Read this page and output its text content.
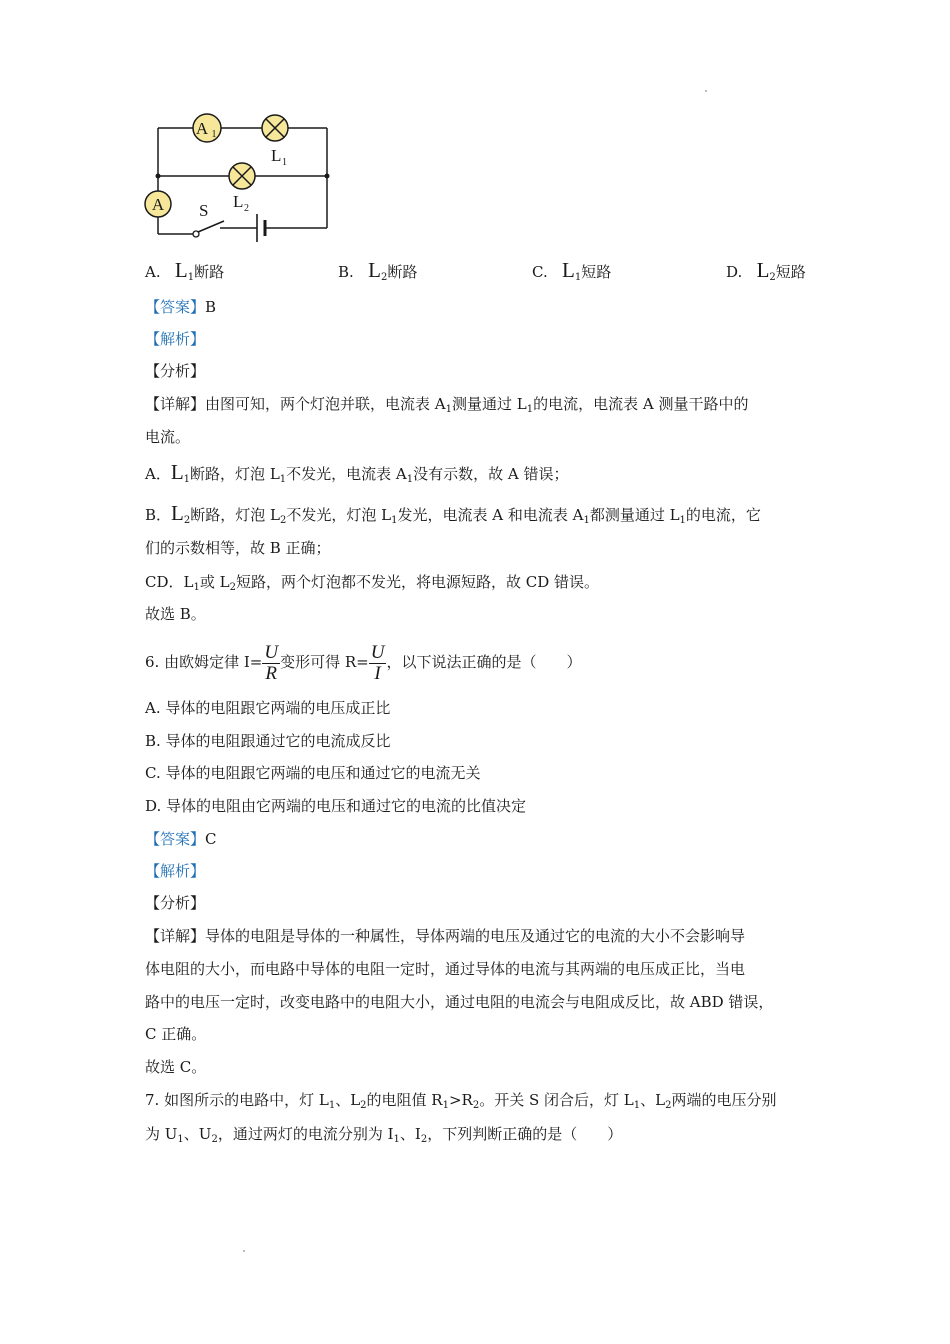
A 1
A
L 1
L 2
S
A. $L_1$断路	B. $L_2$断路	C. $L_1$短路	D. $L_2$短路
【答案】B
【解析】
【分析】
【详解】由图可知，两个灯泡并联，电流表 $A_1$测量通过 $L_1$的电流，电流表 A 测量干路中的
电流。
A．$L_1$断路，灯泡 $L_1$不发光，电流表 $A_1$没有示数，故 A 错误；
B．$L_2$断路，灯泡 $L_2$不发光，灯泡 $L_1$发光，电流表 A 和电流表 $A_1$都测量通过 $L_1$的电流，它
们的示数相等，故 B 正确；
CD．$L_1$或 $L_2$短路，两个灯泡都不发光，将电源短路，故 CD 错误。
故选 B。
6. 由欧姆定律 $I= \frac{U}{R}$ 变形可得 $R= \frac{U}{I}$ ，以下说法正确的是（　　）
A. 导体的电阻跟它两端的电压成正比
B. 导体的电阻跟通过它的电流成反比
C. 导体的电阻跟它两端的电压和通过它的电流无关
D. 导体的电阻由它两端的电压和通过它的电流的比值决定
【答案】C
【解析】
【分析】
【详解】导体的电阻是导体的一种属性，导体两端的电压及通过它的电流的大小不会影响导
体电阻的大小，而电路中导体的电阻一定时，通过导体的电流与其两端的电压成正比，当电
路中的电压一定时，改变电路中的电阻大小，通过电阻的电流会与电阻成反比，故 ABD 错误，
C 正确。
故选 C。
7. 如图所示的电路中，灯 $L_1$、$L_2$的电阻值 $R_1>R_2$。开关 S 闭合后，灯 $L_1$、$L_2$两端的电压分别
为 $U_1$、$U_2$，通过两灯的电流分别为 $I_1$、$I_2$，下列判断正确的是（　　）
